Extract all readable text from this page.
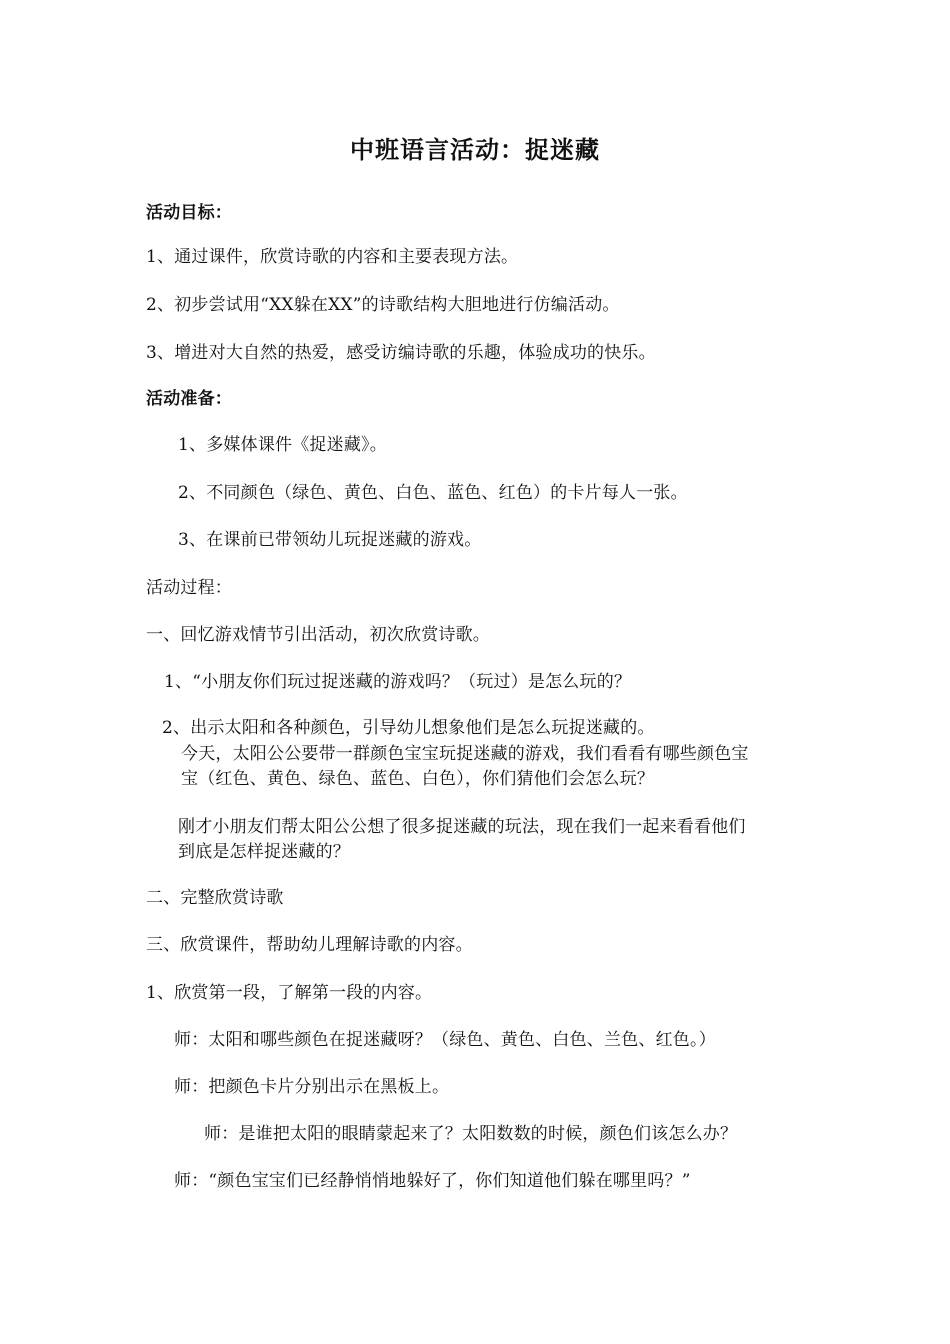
中班语言活动：捉迷藏
活动目标：
1、通过课件，欣赏诗歌的内容和主要表现方法。
2、初步尝试用“XX躲在XX”的诗歌结构大胆地进行仿编活动。
3、增进对大自然的热爱，感受访编诗歌的乐趣，体验成功的快乐。
活动准备：
1、多媒体课件《捉迷藏》。
2、不同颜色（绿色、黄色、白色、蓝色、红色）的卡片每人一张。
3、在课前已带领幼儿玩捉迷藏的游戏。
活动过程：
一、回忆游戏情节引出活动，初次欣赏诗歌。
1、“小朋友你们玩过捉迷藏的游戏吗？（玩过）是怎么玩的？
2、出示太阳和各种颜色，引导幼儿想象他们是怎么玩捉迷藏的。
今天，太阳公公要带一群颜色宝宝玩捉迷藏的游戏，我们看看有哪些颜色宝
宝（红色、黄色、绿色、蓝色、白色），你们猜他们会怎么玩？
刚才小朋友们帮太阳公公想了很多捉迷藏的玩法，现在我们一起来看看他们
到底是怎样捉迷藏的？
二、完整欣赏诗歌
三、欣赏课件，帮助幼儿理解诗歌的内容。
1、欣赏第一段，了解第一段的内容。
师：太阳和哪些颜色在捉迷藏呀？（绿色、黄色、白色、兰色、红色。）
师：把颜色卡片分别出示在黑板上。
师：是谁把太阳的眼睛蒙起来了？太阳数数的时候，颜色们该怎么办？
师：“颜色宝宝们已经静悄悄地躲好了，你们知道他们躲在哪里吗？”
